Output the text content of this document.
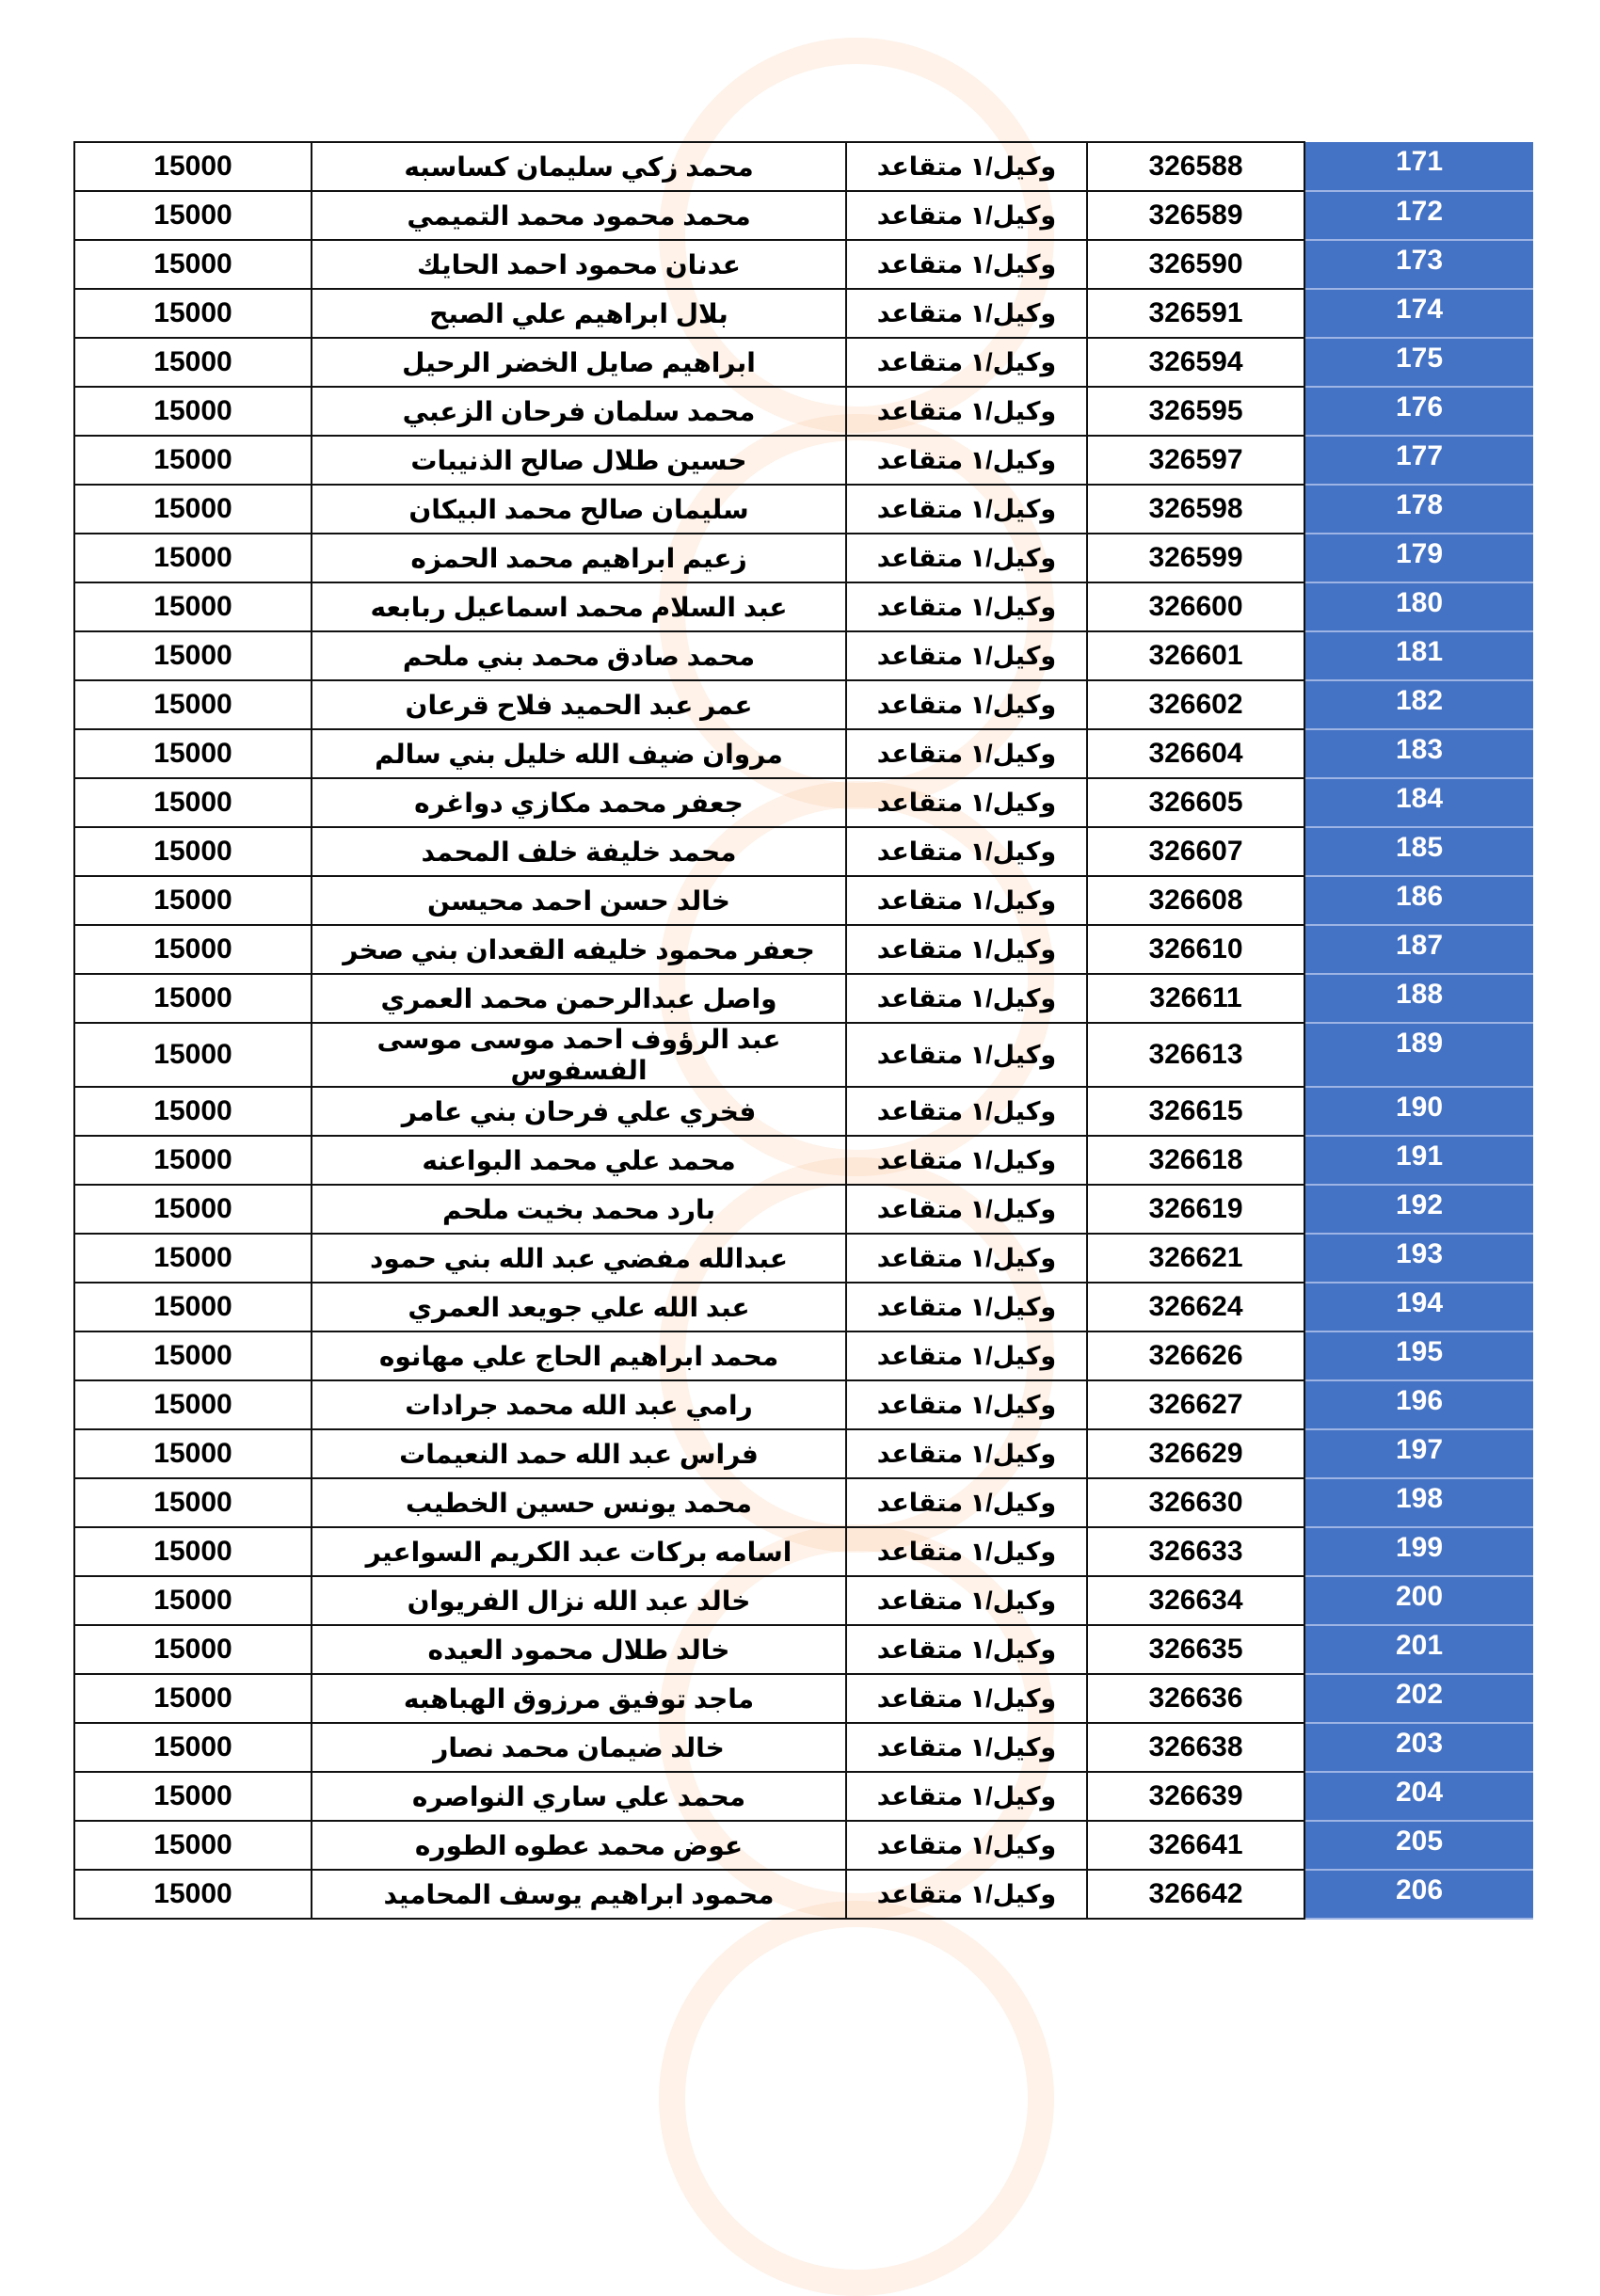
15000	محمد زكي سليمان كساسبه	وكيل/١ متقاعد	326588	171
15000	محمد محمود محمد التميمي	وكيل/١ متقاعد	326589	172
15000	عدنان محمود احمد الحايك	وكيل/١ متقاعد	326590	173
15000	بلال ابراهيم علي الصبح	وكيل/١ متقاعد	326591	174
15000	ابراهيم صايل الخضر الرحيل	وكيل/١ متقاعد	326594	175
15000	محمد سلمان فرحان الزعبي	وكيل/١ متقاعد	326595	176
15000	حسين طلال صالح الذنيبات	وكيل/١ متقاعد	326597	177
15000	سليمان صالح محمد البيكان	وكيل/١ متقاعد	326598	178
15000	زعيم ابراهيم محمد الحمزه	وكيل/١ متقاعد	326599	179
15000	عبد السلام محمد اسماعيل ربابعه	وكيل/١ متقاعد	326600	180
15000	محمد صادق محمد بني ملحم	وكيل/١ متقاعد	326601	181
15000	عمر عبد الحميد فلاح قرعان	وكيل/١ متقاعد	326602	182
15000	مروان ضيف الله خليل بني سالم	وكيل/١ متقاعد	326604	183
15000	جعفر محمد مكازي دواغره	وكيل/١ متقاعد	326605	184
15000	محمد خليفة خلف المحمد	وكيل/١ متقاعد	326607	185
15000	خالد حسن احمد محيسن	وكيل/١ متقاعد	326608	186
15000	جعفر محمود خليفه القعدان بني صخر	وكيل/١ متقاعد	326610	187
15000	واصل عبدالرحمن محمد العمري	وكيل/١ متقاعد	326611	188
15000	عبد الرؤوف احمد موسى موسى الفسفوس	وكيل/١ متقاعد	326613	189
15000	فخري علي فرحان بني عامر	وكيل/١ متقاعد	326615	190
15000	محمد علي محمد البواعنه	وكيل/١ متقاعد	326618	191
15000	بارد محمد بخيت ملحم	وكيل/١ متقاعد	326619	192
15000	عبدالله مفضي عبد الله بني حمود	وكيل/١ متقاعد	326621	193
15000	عبد الله علي جويعد العمري	وكيل/١ متقاعد	326624	194
15000	محمد ابراهيم الحاج علي مهانوه	وكيل/١ متقاعد	326626	195
15000	رامي عبد الله محمد جرادات	وكيل/١ متقاعد	326627	196
15000	فراس عبد الله حمد النعيمات	وكيل/١ متقاعد	326629	197
15000	محمد يونس حسين الخطيب	وكيل/١ متقاعد	326630	198
15000	اسامه بركات عبد الكريم السواعير	وكيل/١ متقاعد	326633	199
15000	خالد عبد الله نزال الفريوان	وكيل/١ متقاعد	326634	200
15000	خالد طلال محمود العيده	وكيل/١ متقاعد	326635	201
15000	ماجد توفيق مرزوق الهباهبه	وكيل/١ متقاعد	326636	202
15000	خالد ضيمان محمد نصار	وكيل/١ متقاعد	326638	203
15000	محمد علي ساري النواصره	وكيل/١ متقاعد	326639	204
15000	عوض محمد عطوه الطوره	وكيل/١ متقاعد	326641	205
15000	محمود ابراهيم يوسف المحاميد	وكيل/١ متقاعد	326642	206
